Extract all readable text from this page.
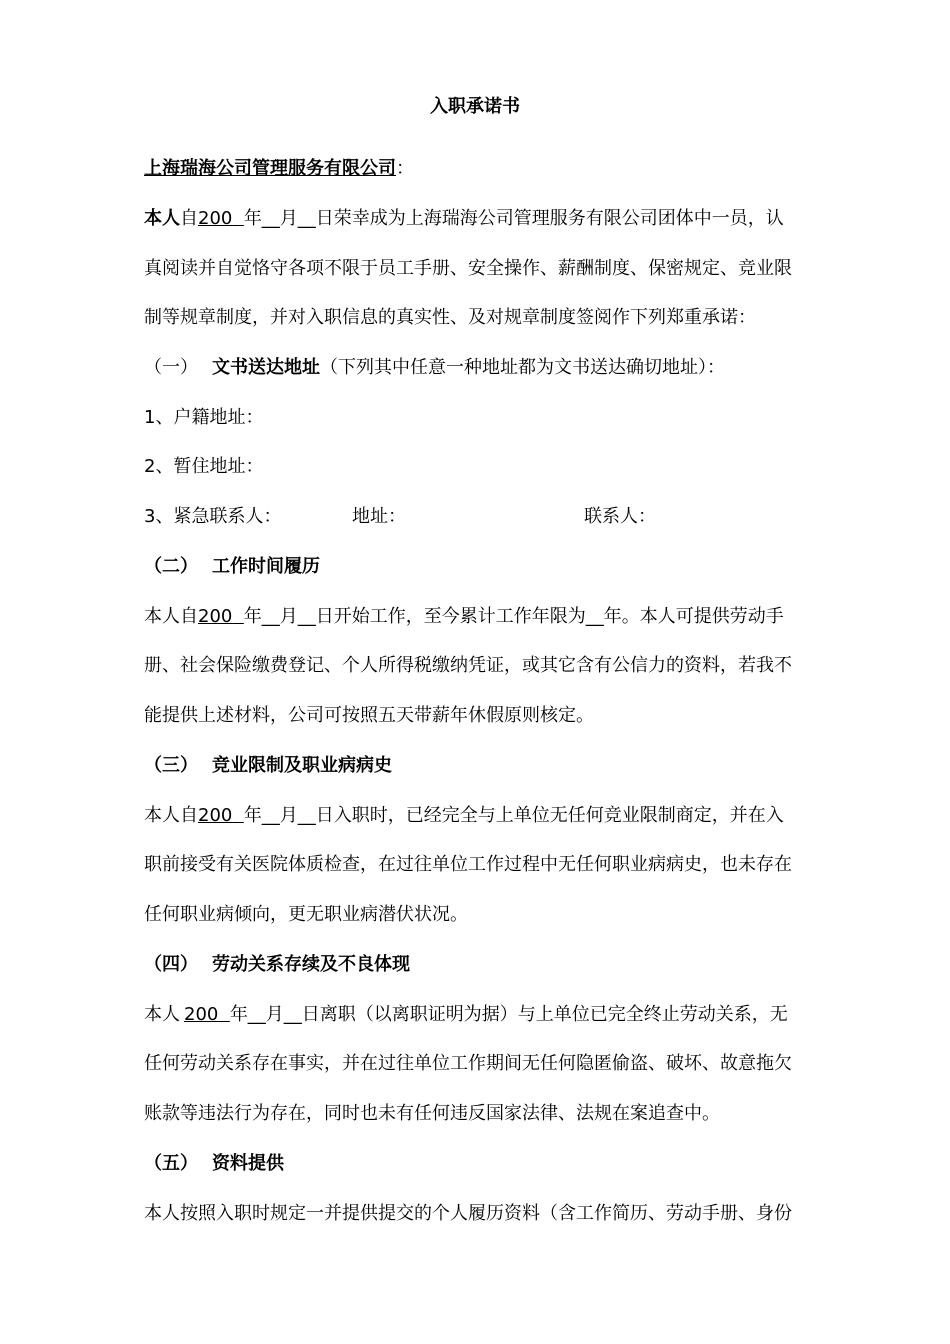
入职承诺书
上海瑞海公司管理服务有限公司：
本人自200 年__月__日荣幸成为上海瑞海公司管理服务有限公司团体中一员，认
真阅读并自觉恪守各项不限于员工手册、安全操作、薪酬制度、保密规定、竞业限
制等规章制度，并对入职信息的真实性、及对规章制度签阅作下列郑重承诺：
（一） 文书送达地址（下列其中任意一种地址都为文书送达确切地址）：
1、户籍地址：
2、暂住地址：
3、紧急联系人：	地址：	联系人：
（二） 工作时间履历
本人自200 年__月__日开始工作，至今累计工作年限为__年。本人可提供劳动手
册、社会保险缴费登记、个人所得税缴纳凭证，或其它含有公信力的资料，若我不
能提供上述材料，公司可按照五天带薪年休假原则核定。
（三） 竞业限制及职业病病史
本人自200 年__月__日入职时，已经完全与上单位无任何竞业限制商定，并在入
职前接受有关医院体质检查，在过往单位工作过程中无任何职业病病史，也未存在
任何职业病倾向，更无职业病潜伏状况。
（四） 劳动关系存续及不良体现
本人 200 年__月__日离职（以离职证明为据）与上单位已完全终止劳动关系，无
任何劳动关系存在事实，并在过往单位工作期间无任何隐匿偷盗、破坏、故意拖欠
账款等违法行为存在，同时也未有任何违反国家法律、法规在案追查中。
（五） 资料提供
本人按照入职时规定一并提供提交的个人履历资料（含工作简历、劳动手册、身份
